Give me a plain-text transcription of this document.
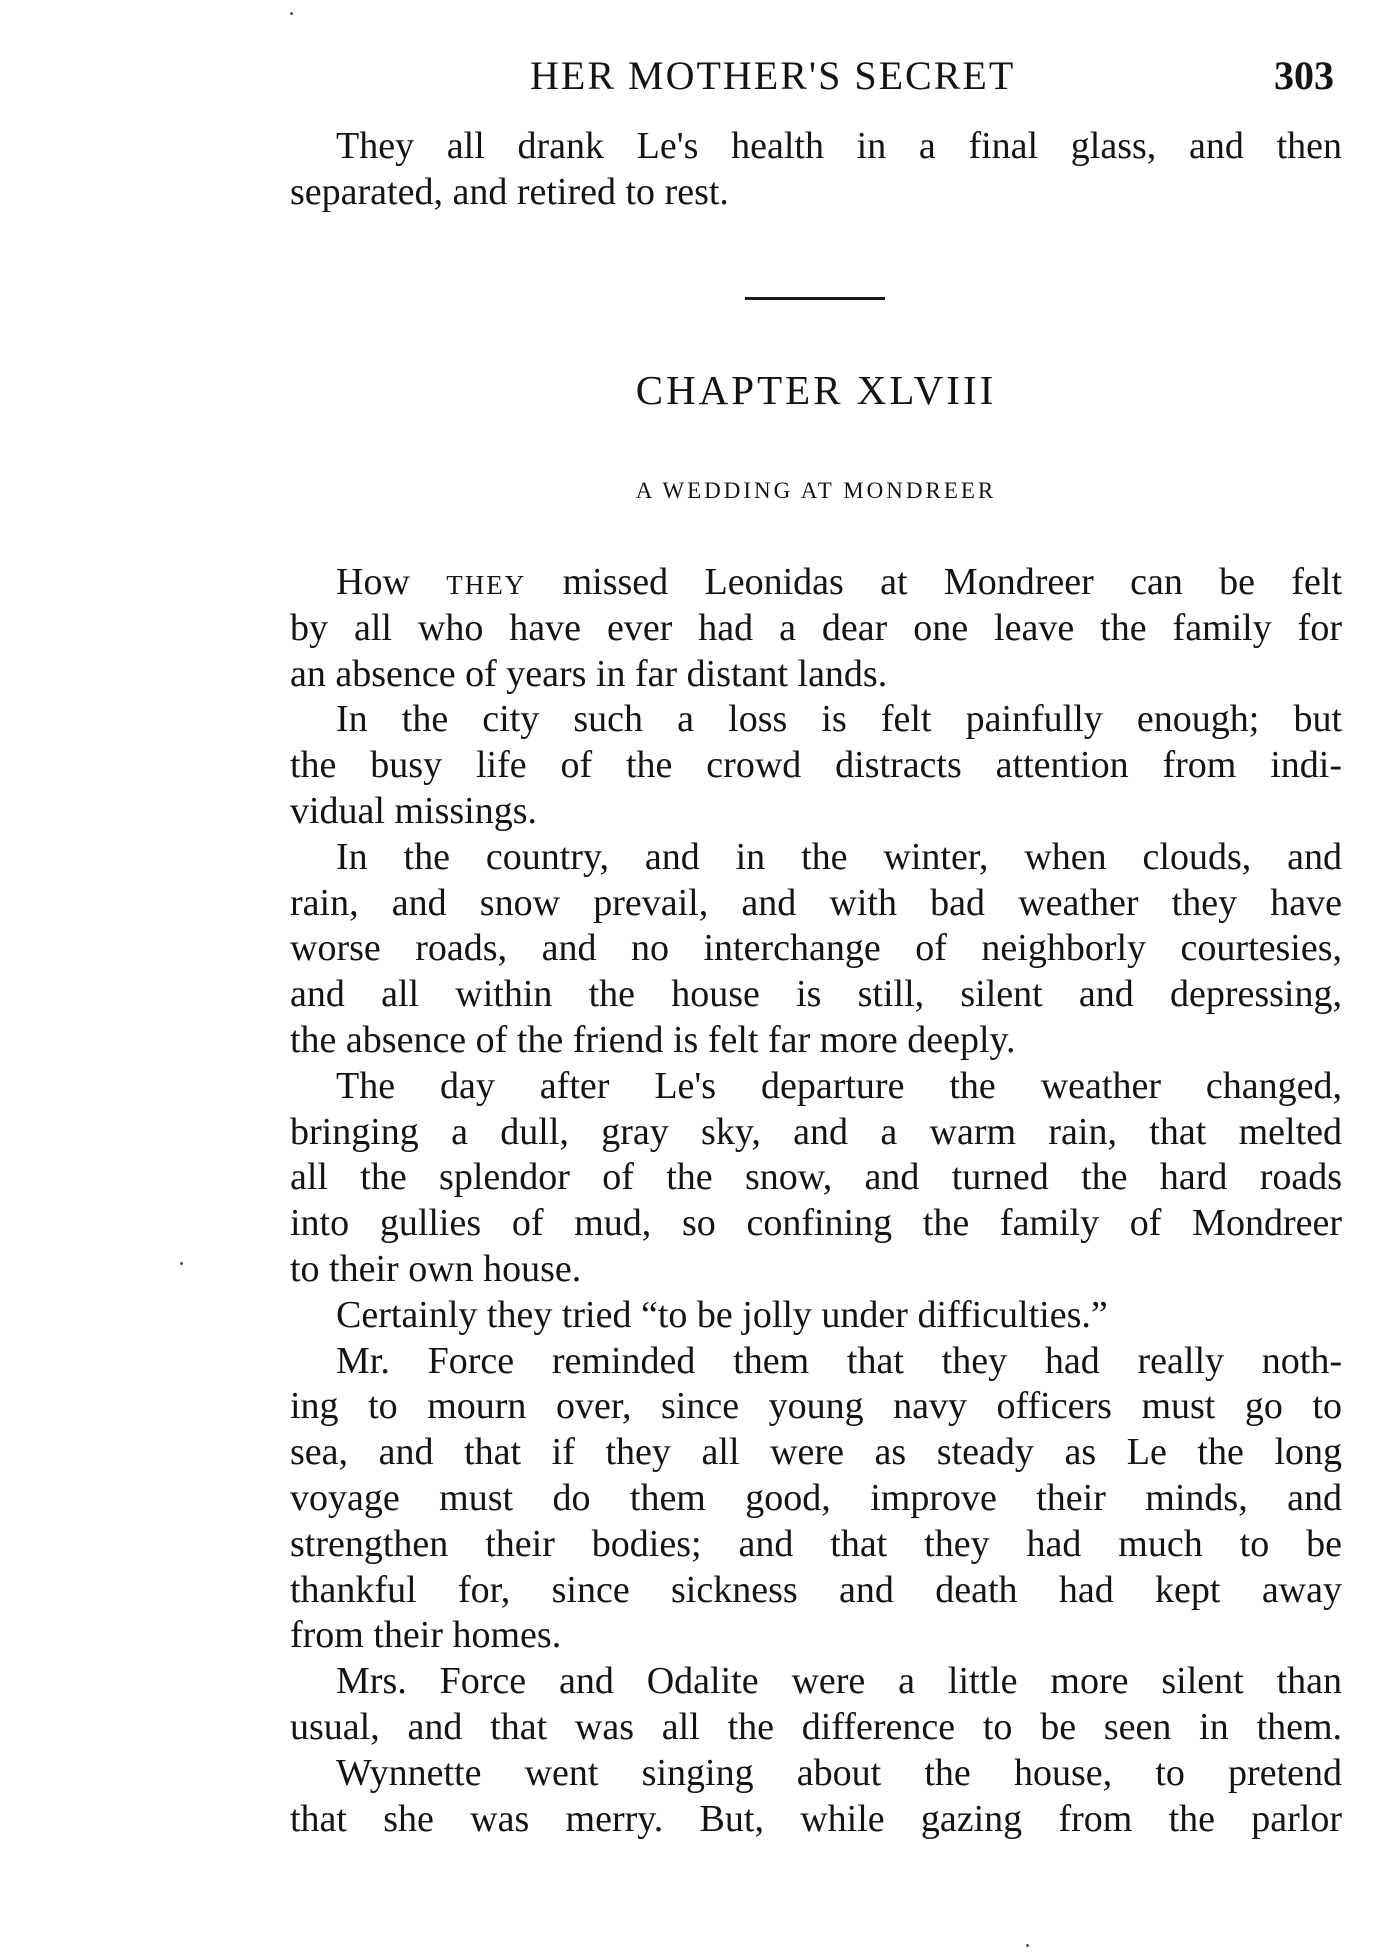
HER MOTHER'S SECRET	303
They all drank Le's health in a final glass, and then
separated, and retired to rest.
CHAPTER XLVIII
A WEDDING AT MONDREER
How THEY missed Leonidas at Mondreer can be felt
by all who have ever had a dear one leave the family for
an absence of years in far distant lands.
In the city such a loss is felt painfully enough; but
the busy life of the crowd distracts attention from indi-
vidual missings.
In the country, and in the winter, when clouds, and
rain, and snow prevail, and with bad weather they have
worse roads, and no interchange of neighborly courtesies,
and all within the house is still, silent and depressing,
the absence of the friend is felt far more deeply.
The day after Le's departure the weather changed,
bringing a dull, gray sky, and a warm rain, that melted
all the splendor of the snow, and turned the hard roads
into gullies of mud, so confining the family of Mondreer
to their own house.
Certainly they tried “to be jolly under difficulties.”
Mr. Force reminded them that they had really noth-
ing to mourn over, since young navy officers must go to
sea, and that if they all were as steady as Le the long
voyage must do them good, improve their minds, and
strengthen their bodies; and that they had much to be
thankful for, since sickness and death had kept away
from their homes.
Mrs. Force and Odalite were a little more silent than
usual, and that was all the difference to be seen in them.
Wynnette went singing about the house, to pretend
that she was merry. But, while gazing from the parlor
